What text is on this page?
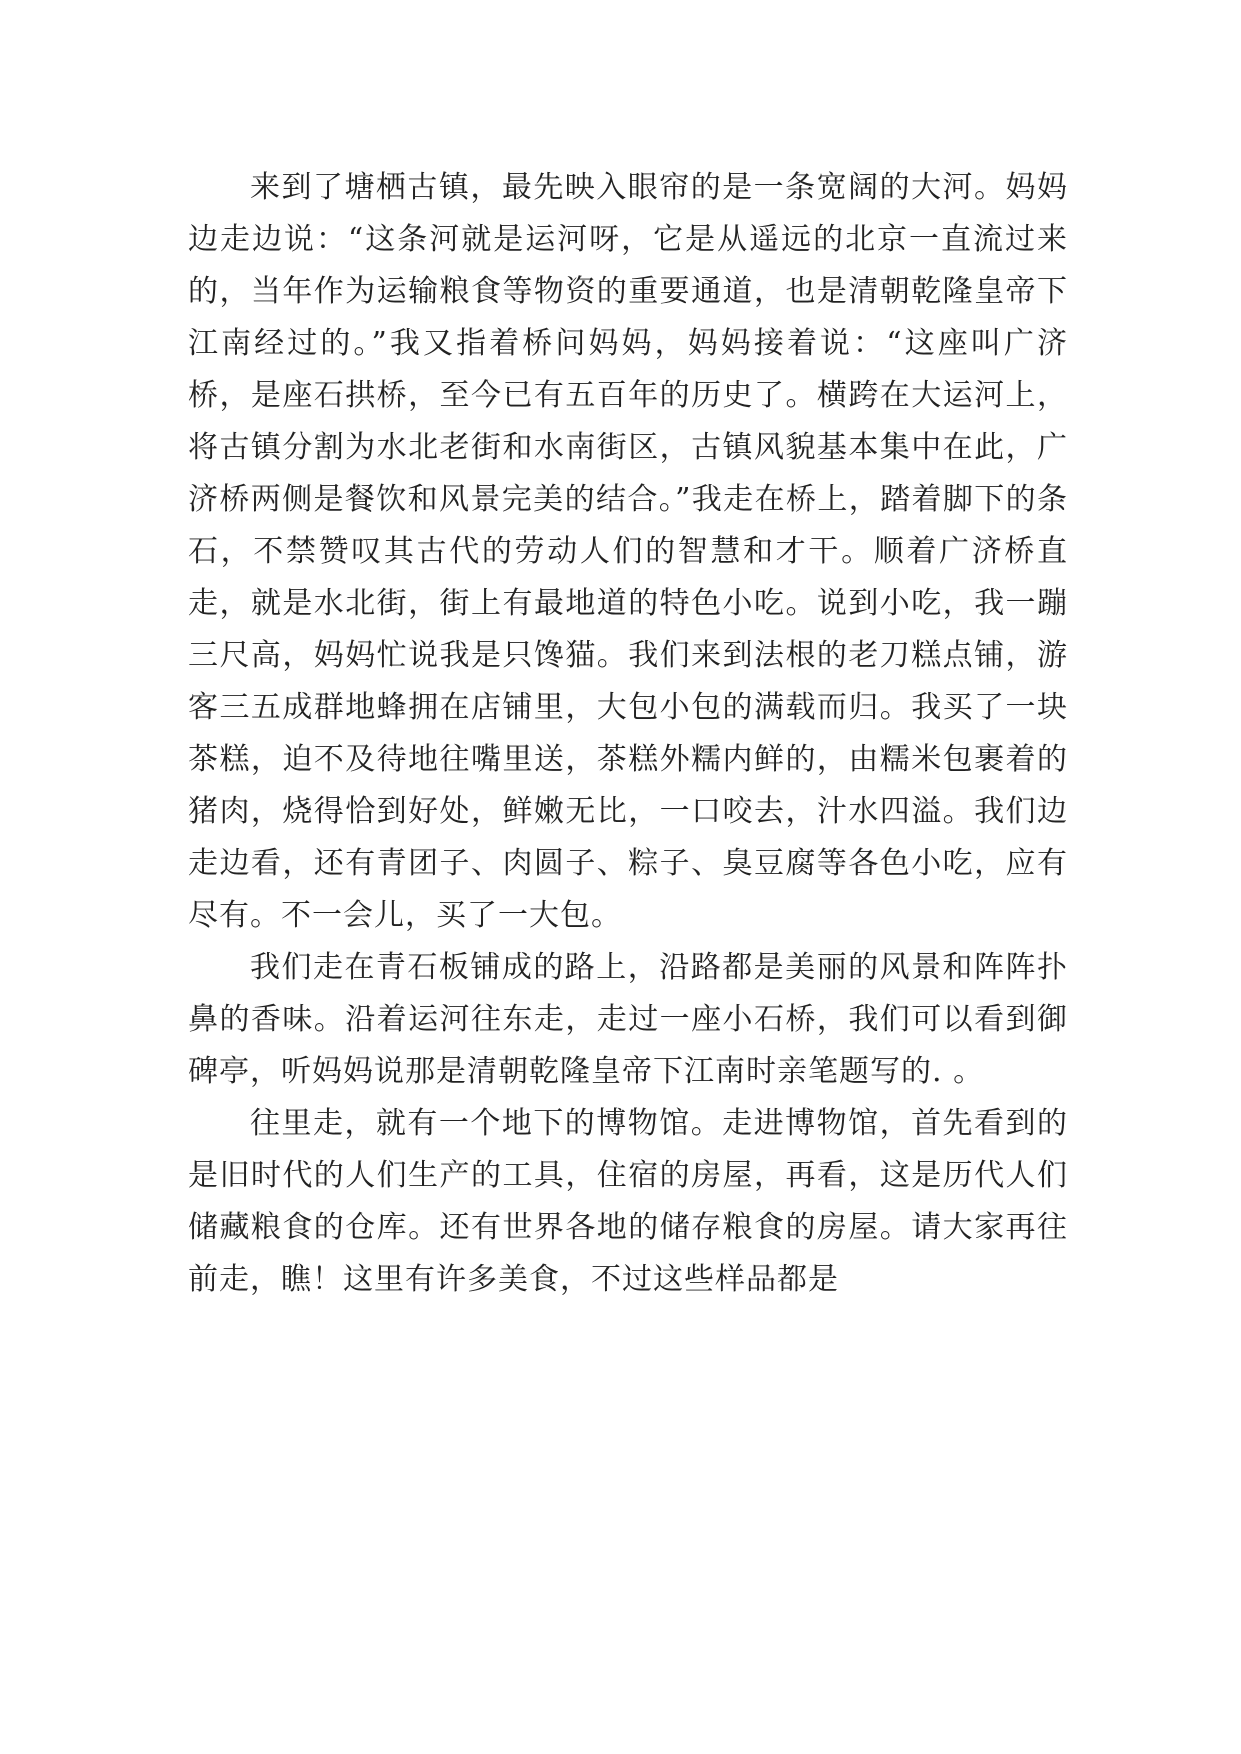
来到了塘栖古镇，最先映入眼帘的是一条宽阔的大河。妈妈边走边说：“这条河就是运河呀，它是从遥远的北京一直流过来的，当年作为运输粮食等物资的重要通道，也是清朝乾隆皇帝下江南经过的。”我又指着桥问妈妈，妈妈接着说：“这座叫广济桥，是座石拱桥，至今已有五百年的历史了。横跨在大运河上，将古镇分割为水北老街和水南街区，古镇风貌基本集中在此，广济桥两侧是餐饮和风景完美的结合。”我走在桥上，踏着脚下的条石，不禁赞叹其古代的劳动人们的智慧和才干。顺着广济桥直走，就是水北街，街上有最地道的特色小吃。说到小吃，我一蹦三尺高，妈妈忙说我是只馋猫。我们来到法根的老刀糕点铺，游客三五成群地蜂拥在店铺里，大包小包的满载而归。我买了一块茶糕，迫不及待地往嘴里送，茶糕外糯内鲜的，由糯米包裹着的猪肉，烧得恰到好处，鲜嫩无比，一口咬去，汁水四溢。我们边走边看，还有青团子、肉圆子、粽子、臭豆腐等各色小吃，应有尽有。不一会儿，买了一大包。

我们走在青石板铺成的路上，沿路都是美丽的风景和阵阵扑鼻的香味。沿着运河往东走，走过一座小石桥，我们可以看到御碑亭，听妈妈说那是清朝乾隆皇帝下江南时亲笔题写的. 。

往里走，就有一个地下的博物馆。走进博物馆，首先看到的是旧时代的人们生产的工具，住宿的房屋，再看，这是历代人们储藏粮食的仓库。还有世界各地的储存粮食的房屋。请大家再往前走，瞧！这里有许多美食，不过这些样品都是
